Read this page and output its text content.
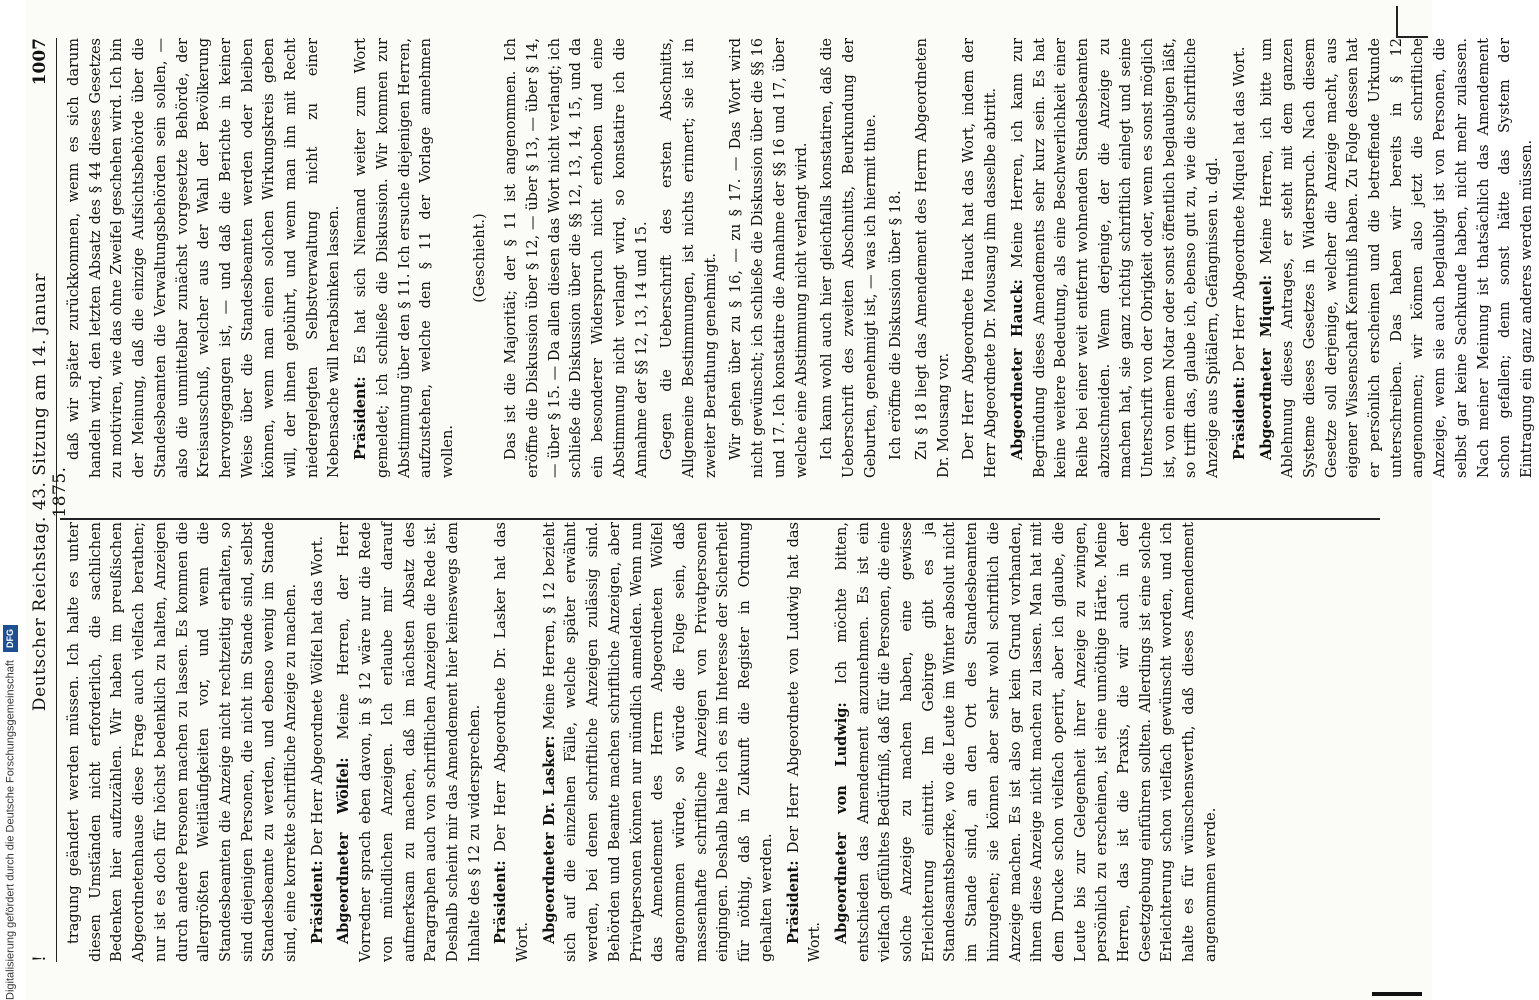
!
Deutscher Reichstag. 43. Sitzung am 14. Januar 1875.
1007

tragung geändert werden müssen. Ich halte es unter diesen Umständen nicht erforderlich, die sachlichen Bedenken hier aufzuzählen. Wir haben im preußischen Abgeordnetenhause diese Frage auch vielfach berathen; nur ist es doch für höchst bedenklich zu halten, Anzeigen durch andere Personen machen zu lassen. Es kommen die allergrößten Weitläufigkeiten vor, und wenn die Standesbeamten die Anzeige nicht rechtzeitig erhalten, so sind diejenigen Personen, die nicht im Stande sind, selbst Standesbeamte zu werden, und ebenso wenig im Stande sind, eine korrekte schriftliche Anzeige zu machen. Präsident: Der Herr Abgeordnete Wölfel hat das Wort. Abgeordneter Wölfel: Meine Herren, der Herr Vorredner sprach eben davon, in § 12 wäre nur die Rede von mündlichen Anzeigen. Ich erlaube mir darauf aufmerksam zu machen, daß im nächsten Absatz des Paragraphen auch von schriftlichen Anzeigen die Rede ist. Deshalb scheint mir das Amendement hier keineswegs dem Inhalte des § 12 zu widersprechen. Präsident: Der Herr Abgeordnete Dr. Lasker hat das Wort. Abgeordneter Dr. Lasker: Meine Herren, § 12 bezieht sich auf die einzelnen Fälle, welche später erwähnt werden, bei denen schriftliche Anzeigen zulässig sind. Behörden und Beamte machen schriftliche Anzeigen, aber Privatpersonen können nur mündlich anmelden. Wenn nun das Amendement des Herrn Abgeordneten Wölfel angenommen würde, so würde die Folge sein, daß massenhafte schriftliche Anzeigen von Privatpersonen eingingen. Deshalb halte ich es im Interesse der Sicherheit für nöthig, daß in Zukunft die Register in Ordnung gehalten werden. Präsident: Der Herr Abgeordnete von Ludwig hat das Wort. Abgeordneter von Ludwig: Ich möchte bitten, entschieden das Amendement anzunehmen. Es ist ein vielfach gefühltes Bedürfniß, daß für die Personen, die eine solche Anzeige zu machen haben, eine gewisse Erleichterung eintritt. Im Gebirge gibt es ja Standesamtsbezirke, wo die Leute im Winter absolut nicht im Stande sind, an den Ort des Standesbeamten hinzugehen; sie können aber sehr wohl schriftlich die Anzeige machen. Es ist also gar kein Grund vorhanden, ihnen diese Anzeige nicht machen zu lassen. Man hat mit dem Drucke schon vielfach operirt, aber ich glaube, die Leute bis zur Gelegenheit ihrer Anzeige zu zwingen, persönlich zu erscheinen, ist eine unnöthige Härte. Meine Herren, das ist die Praxis, die wir auch in der Gesetzgebung einführen sollten. Allerdings ist eine solche Erleichterung schon vielfach gewünscht worden, und ich halte es für wünschenswerth, daß dieses Amendement angenommen werde.

daß wir später zurückkommen, wenn es sich darum handeln wird, den letzten Absatz des § 44 dieses Gesetzes zu motiviren, wie das ohne Zweifel geschehen wird. Ich bin der Meinung, daß die einzige Aufsichtsbehörde über die Standesbeamten die Verwaltungsbehörden sein sollen, — also die unmittelbar zunächst vorgesetzte Behörde, der Kreisausschuß, welcher aus der Wahl der Bevölkerung hervorgegangen ist, — und daß die Berichte in keiner Weise über die Standesbeamten werden oder bleiben können, wenn man einen solchen Wirkungskreis geben will, der ihnen gebührt, und wenn man ihn mit Recht niedergelegten Selbstverwaltung nicht zu einer Nebensache will herabsinken lassen. Präsident: Es hat sich Niemand weiter zum Wort gemeldet; ich schließe die Diskussion. Wir kommen zur Abstimmung über den § 11. Ich ersuche diejenigen Herren, aufzustehen, welche den § 11 der Vorlage annehmen wollen.

(Geschieht.) Das ist die Majorität; der § 11 ist angenommen. Ich eröffne die Diskussion über § 12, — über § 13, — über § 14, — über § 15. — Da allen diesen das Wort nicht verlangt; ich schließe die Diskussion über die §§ 12, 13, 14, 15, und da ein besonderer Widerspruch nicht erhoben und eine Abstimmung nicht verlangt wird, so konstatire ich die Annahme der §§ 12, 13, 14 und 15. Gegen die Ueberschrift des ersten Abschnitts, Allgemeine Bestimmungen, ist nichts erinnert; sie ist in zweiter Berathung genehmigt. Wir gehen über zu § 16, — zu § 17. — Das Wort wird nicht gewünscht; ich schließe die Diskussion über die §§ 16 und 17. Ich konstatire die Annahme der §§ 16 und 17, über welche eine Abstimmung nicht verlangt wird. Ich kann wohl auch hier gleichfalls konstatiren, daß die Ueberschrift des zweiten Abschnitts, Beurkundung der Geburten, genehmigt ist, — was ich hiermit thue. Ich eröffne die Diskussion über § 18. Zu § 18 liegt das Amendement des Herrn Abgeordneten Dr. Mousang vor. Der Herr Abgeordnete Hauck hat das Wort, indem der Herr Abgeordnete Dr. Mousang ihm dasselbe abtritt. Abgeordneter Hauck: Meine Herren, ich kann zur Begründung dieses Amendements sehr kurz sein. Es hat keine weitere Bedeutung, als eine Beschwerlichkeit einer Reihe bei einer weit entfernt wohnenden Standesbeamten abzuschneiden. Wenn derjenige, der die Anzeige zu machen hat, sie ganz richtig schriftlich einlegt und seine Unterschrift von der Obrigkeit oder, wenn es sonst möglich ist, von einem Notar oder sonst öffentlich beglaubigen läßt, so trifft das, glaube ich, ebenso gut zu, wie die schriftliche Anzeige aus Spitälern, Gefängnissen u. dgl. Präsident: Der Herr Abgeordnete Miquel hat das Wort. Abgeordneter Miquel: Meine Herren, ich bitte um Ablehnung dieses Antrages, er steht mit dem ganzen Systeme dieses Gesetzes in Widerspruch. Nach diesem Gesetze soll derjenige, welcher die Anzeige macht, aus eigener Wissenschaft Kenntniß haben. Zu Folge dessen hat er persönlich erscheinen und die betreffende Urkunde unterschreiben. Das haben wir bereits in § 12 angenommen; wir können also jetzt die schriftliche Anzeige, wenn sie auch beglaubigt ist von Personen, die selbst gar keine Sachkunde haben, nicht mehr zulassen. Nach meiner Meinung ist thatsächlich das Amendement schon gefallen; denn sonst hätte das System der Eintragung ein ganz anderes werden müssen.

Digitalisierung gefördert durch die Deutsche ForschungsgemeinschaftDFG
